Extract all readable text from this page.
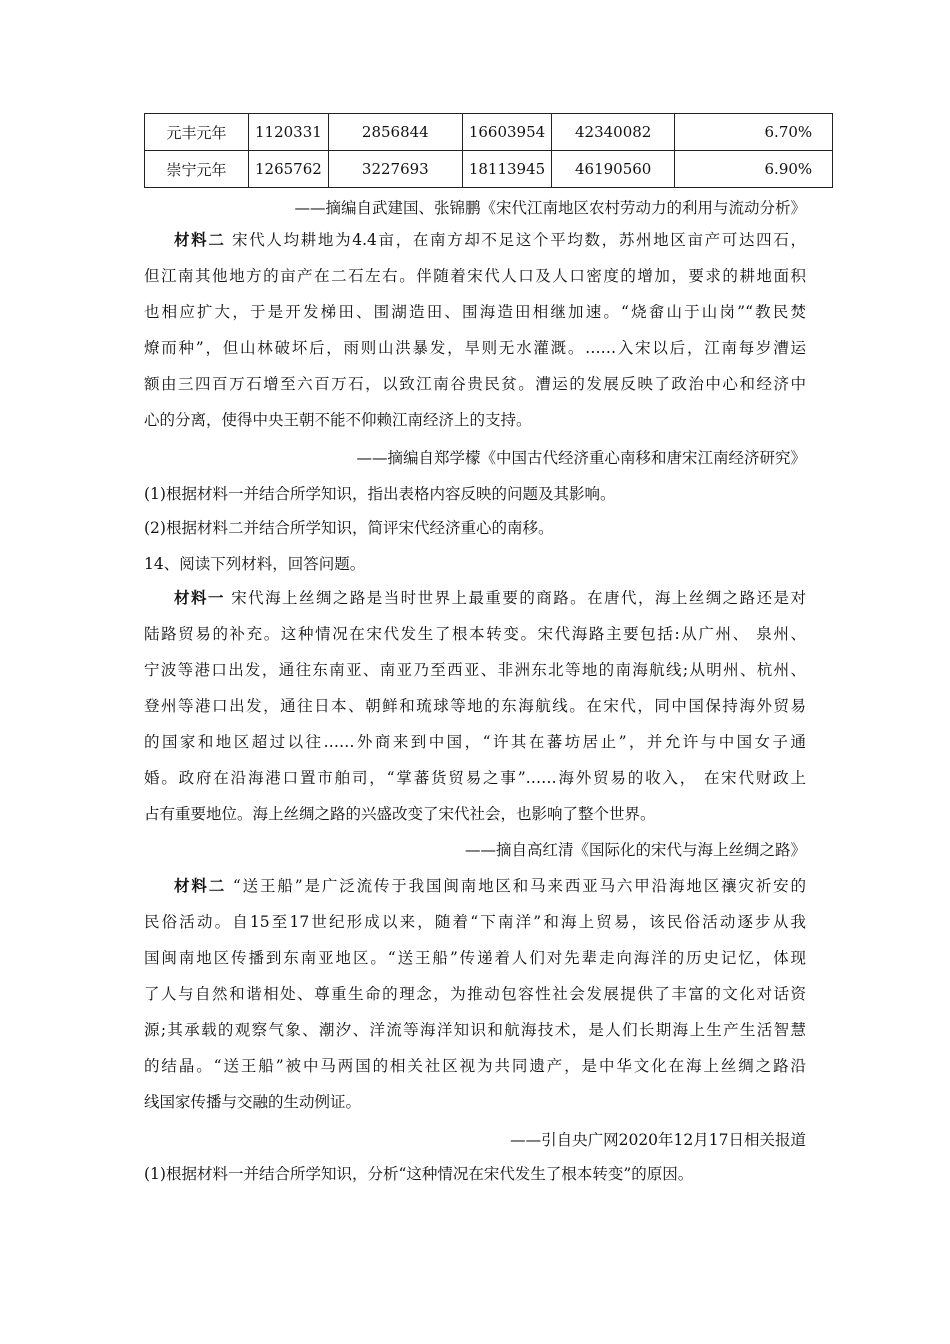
元丰元年	1120331	2856844	16603954	42340082	6.70%
崇宁元年	1265762	3227693	18113945	46190560	6.90%
——摘编自武建国、张锦鹏《宋代江南地区农村劳动力的利用与流动分析》
材料二 宋代人均耕地为4.4亩，在南方却不足这个平均数，苏州地区亩产可达四石，
但江南其他地方的亩产在二石左右。伴随着宋代人口及人口密度的增加，要求的耕地面积
也相应扩大，于是开发梯田、围湖造田、围海造田相继加速。“烧畲山于山岗”“教民焚
燎而种”，但山林破坏后，雨则山洪暴发，旱则无水灌溉。……入宋以后，江南每岁漕运
额由三四百万石增至六百万石，以致江南谷贵民贫。漕运的发展反映了政治中心和经济中
心的分离，使得中央王朝不能不仰赖江南经济上的支持。
——摘编自郑学檬《中国古代经济重心南移和唐宋江南经济研究》
(1)根据材料一并结合所学知识，指出表格内容反映的问题及其影响。
(2)根据材料二并结合所学知识，简评宋代经济重心的南移。
14、阅读下列材料，回答问题。
材料一 宋代海上丝绸之路是当时世界上最重要的商路。在唐代，海上丝绸之路还是对
陆路贸易的补充。这种情况在宋代发生了根本转变。宋代海路主要包括:从广州、 泉州、
宁波等港口出发，通往东南亚、南亚乃至西亚、非洲东北等地的南海航线;从明州、杭州、
登州等港口出发，通往日本、朝鲜和琉球等地的东海航线。在宋代，同中国保持海外贸易
的国家和地区超过以往……外商来到中国，“许其在蕃坊居止”，并允许与中国女子通
婚。政府在沿海港口置市舶司，“掌蕃货贸易之事”……海外贸易的收入， 在宋代财政上
占有重要地位。海上丝绸之路的兴盛改变了宋代社会，也影响了整个世界。
——摘自高红清《国际化的宋代与海上丝绸之路》
材料二 “送王船”是广泛流传于我国闽南地区和马来西亚马六甲沿海地区禳灾祈安的
民俗活动。自15至17世纪形成以来，随着“下南洋”和海上贸易，该民俗活动逐步从我
国闽南地区传播到东南亚地区。“送王船”传递着人们对先辈走向海洋的历史记忆，体现
了人与自然和谐相处、尊重生命的理念，为推动包容性社会发展提供了丰富的文化对话资
源;其承载的观察气象、潮汐、洋流等海洋知识和航海技术，是人们长期海上生产生活智慧
的结晶。“送王船”被中马两国的相关社区视为共同遗产，是中华文化在海上丝绸之路沿
线国家传播与交融的生动例证。
——引自央广网2020年12月17日相关报道
(1)根据材料一并结合所学知识，分析“这种情况在宋代发生了根本转变”的原因。
